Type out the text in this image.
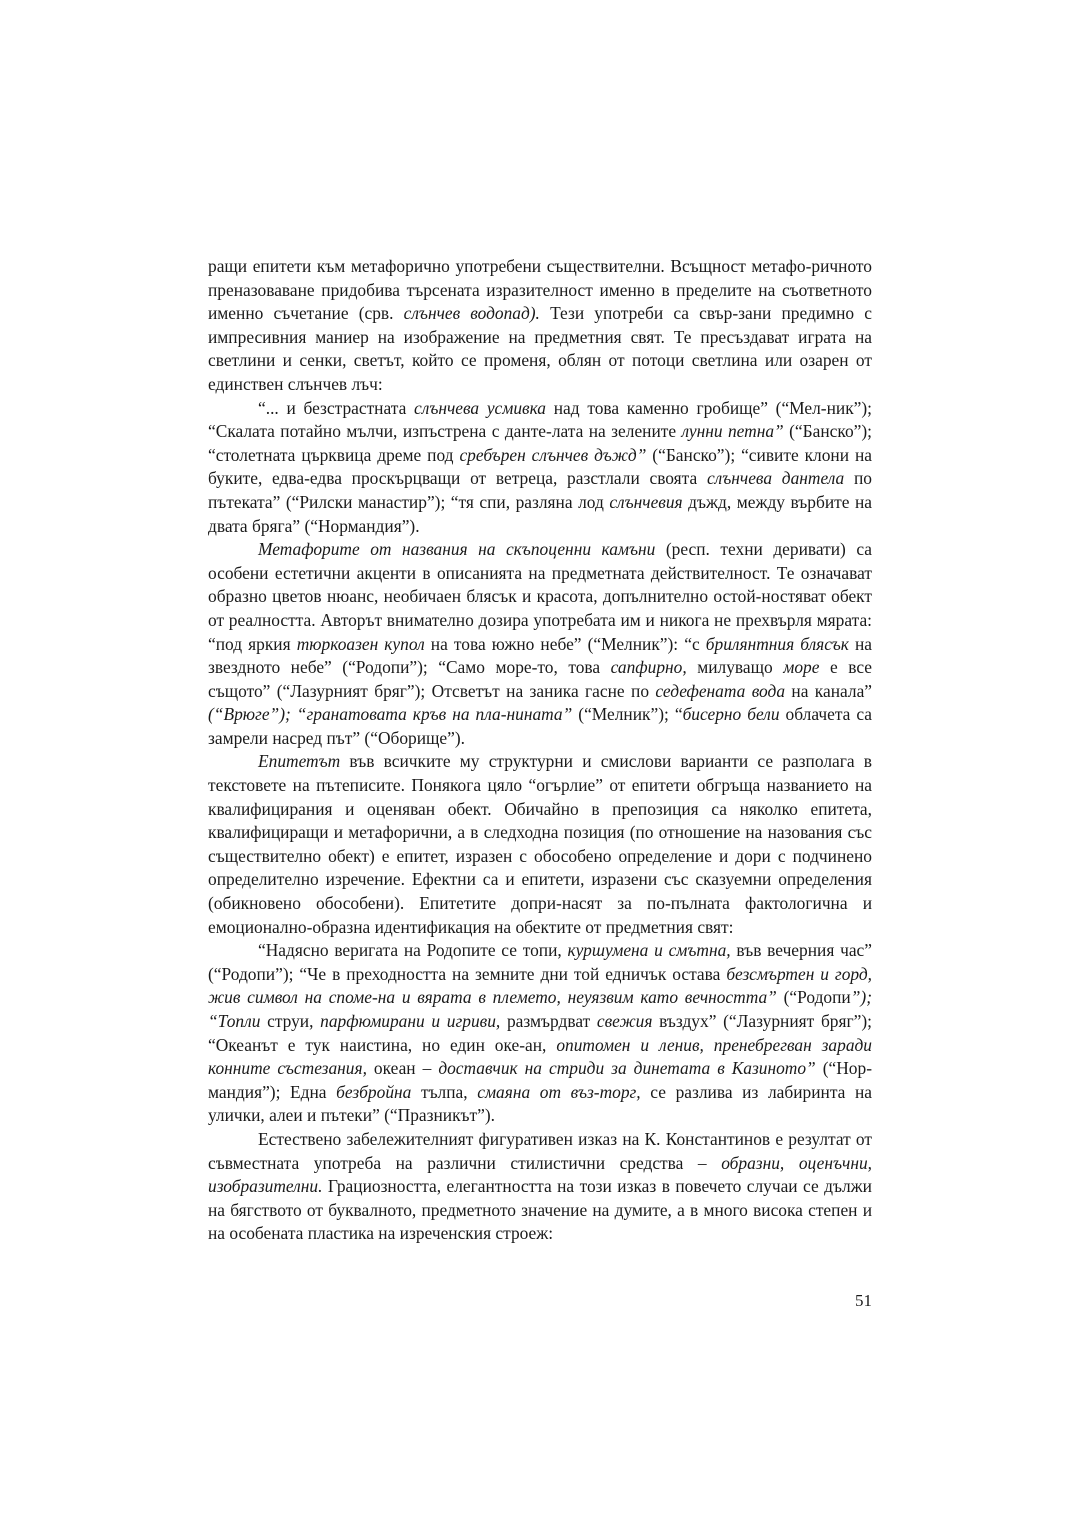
ращи епитети към метафорично употребени съществителни. Всъщност метафо-ричното преназоваване придобива търсената изразителност именно в пределите на съответното именно съчетание (срв. слънчев водопад). Тези употреби са свър-зани предимно с импресивния маниер на изображение на предметния свят. Те пресъздават играта на светлини и сенки, светът, който се променя, облян от потоци светлина или озарен от единствен слънчев лъч:

“... и безстрастната слънчева усмивка над това каменно гробище” (“Мел-ник”); “Скалата потайно мълчи, изпъстрена с данте-лата на зелените лунни петна” (“Банско”); “столетната църквица дреме под сребърен слънчев дъжд” (“Банско”); “сивите клони на буките, едва-едва проскърцващи от ветреца, разстлали своята слънчева дантела по пътеката” (“Рилски манастир”); “тя спи, разляна лод слънчевия дъжд, между върбите на двата бряга” (“Нормандия”).

Метафорите от названия на скъпоценни камъни (респ. техни деривати) са особени естетични акценти в описанията на предметната действителност. Те означават образно цветов нюанс, необичаен блясък и красота, допълнително остой-ностяват обект от реалността. Авторът внимателно дозира употребата им и никога не прехвърля мярата: “под яркия тюркоазен купол на това южно небе” (“Мелник”): “с брилянтния блясък на звездното небе” (“Родопи”); “Само море-то, това сапфирно, милуващо море е все същото” (“Лазурният бряг”); Отсветът на заника гасне по седефената вода на канала” (“Врюге”); “гранатовата кръв на пла-нината” (“Мелник”); “бисерно бели облачета са замрели насред път” (“Оборище”).

Епитетът във всичките му структурни и смислови варианти се разполага в текстовете на пътеписите. Понякога цяло “огърлие” от епитети обгръща названието на квалифицирания и оценяван обект. Обичайно в препозиция са няколко епитета, квалифициращи и метафорични, а в следходна позиция (по отношение на назования със съществително обект) е епитет, изразен с обособено определение и дори с подчинено определително изречение. Ефектни са и епитети, изразени със сказуемни определения (обикновено обособени). Епитетите допри-насят за по-пълната фактологична и емоционално-образна идентификация на обектите от предметния свят:

“Надясно веригата на Родопите се топи, куршумена и смътна, във вечерния час” (“Родопи”); “Че в преходността на земните дни той едничък остава безсмъртен и горд, жив символ на споме-на и вярата в племето, неуязвим като вечността” (“Родопи”); “Топли струи, парфюмирани и игриви, размърдват свежия въздух” (“Лазурният бряг”); “Океанът е тук наистина, но един оке-ан, опитомен и ленив, пренебрегван заради конните състезания, океан – доставчик на стриди за динетата в Казиното” (“Нор-мандия”); Една безбройна тълпа, смаяна от въз-торг, се разлива из лабиринта на улички, алеи и пътеки” (“Празникът”).

Естествено забележителният фигуративен изказ на К. Константинов е резултат от съвместната употреба на различни стилистични средства – образни, оценъчни, изобразителни. Грациозността, елегантността на този изказ в повечето случаи се дължи на бягството от буквалното, предметното значение на думите, а в много висока степен и на особената пластика на изреченския строеж:

51
